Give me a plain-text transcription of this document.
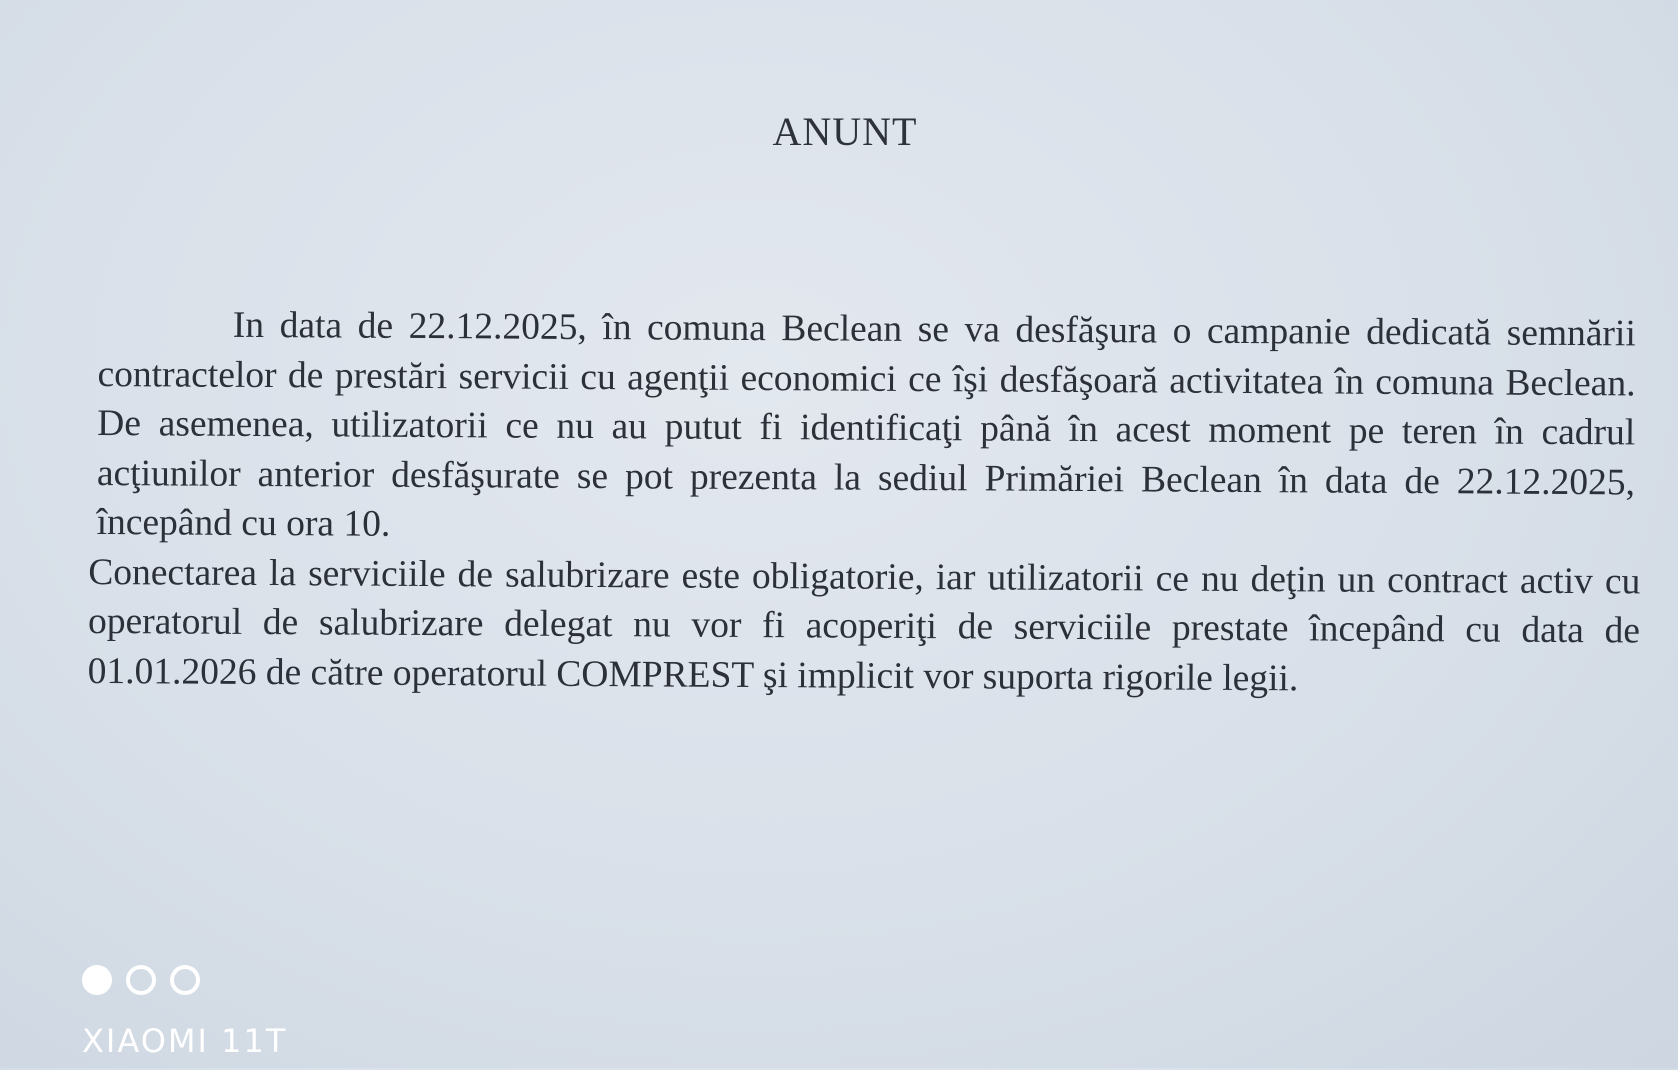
ANUNT

In data de 22.12.2025, în comuna Beclean se va desfăşura o campanie dedicată semnării contractelor de prestări servicii cu agenţii economici ce îşi desfăşoară activitatea în comuna Beclean. De asemenea, utilizatorii ce nu au putut fi identificaţi până în acest moment pe teren în cadrul acţiunilor anterior desfăşurate se pot prezenta la sediul Primăriei Beclean în data de 22.12.2025, începând cu ora 10.

Conectarea la serviciile de salubrizare este obligatorie, iar utilizatorii ce nu deţin un contract activ cu operatorul de salubrizare delegat nu vor fi acoperiţi de serviciile prestate începând cu data de 01.01.2026 de către operatorul COMPREST şi implicit vor suporta rigorile legii.

XIAOMI 11T
